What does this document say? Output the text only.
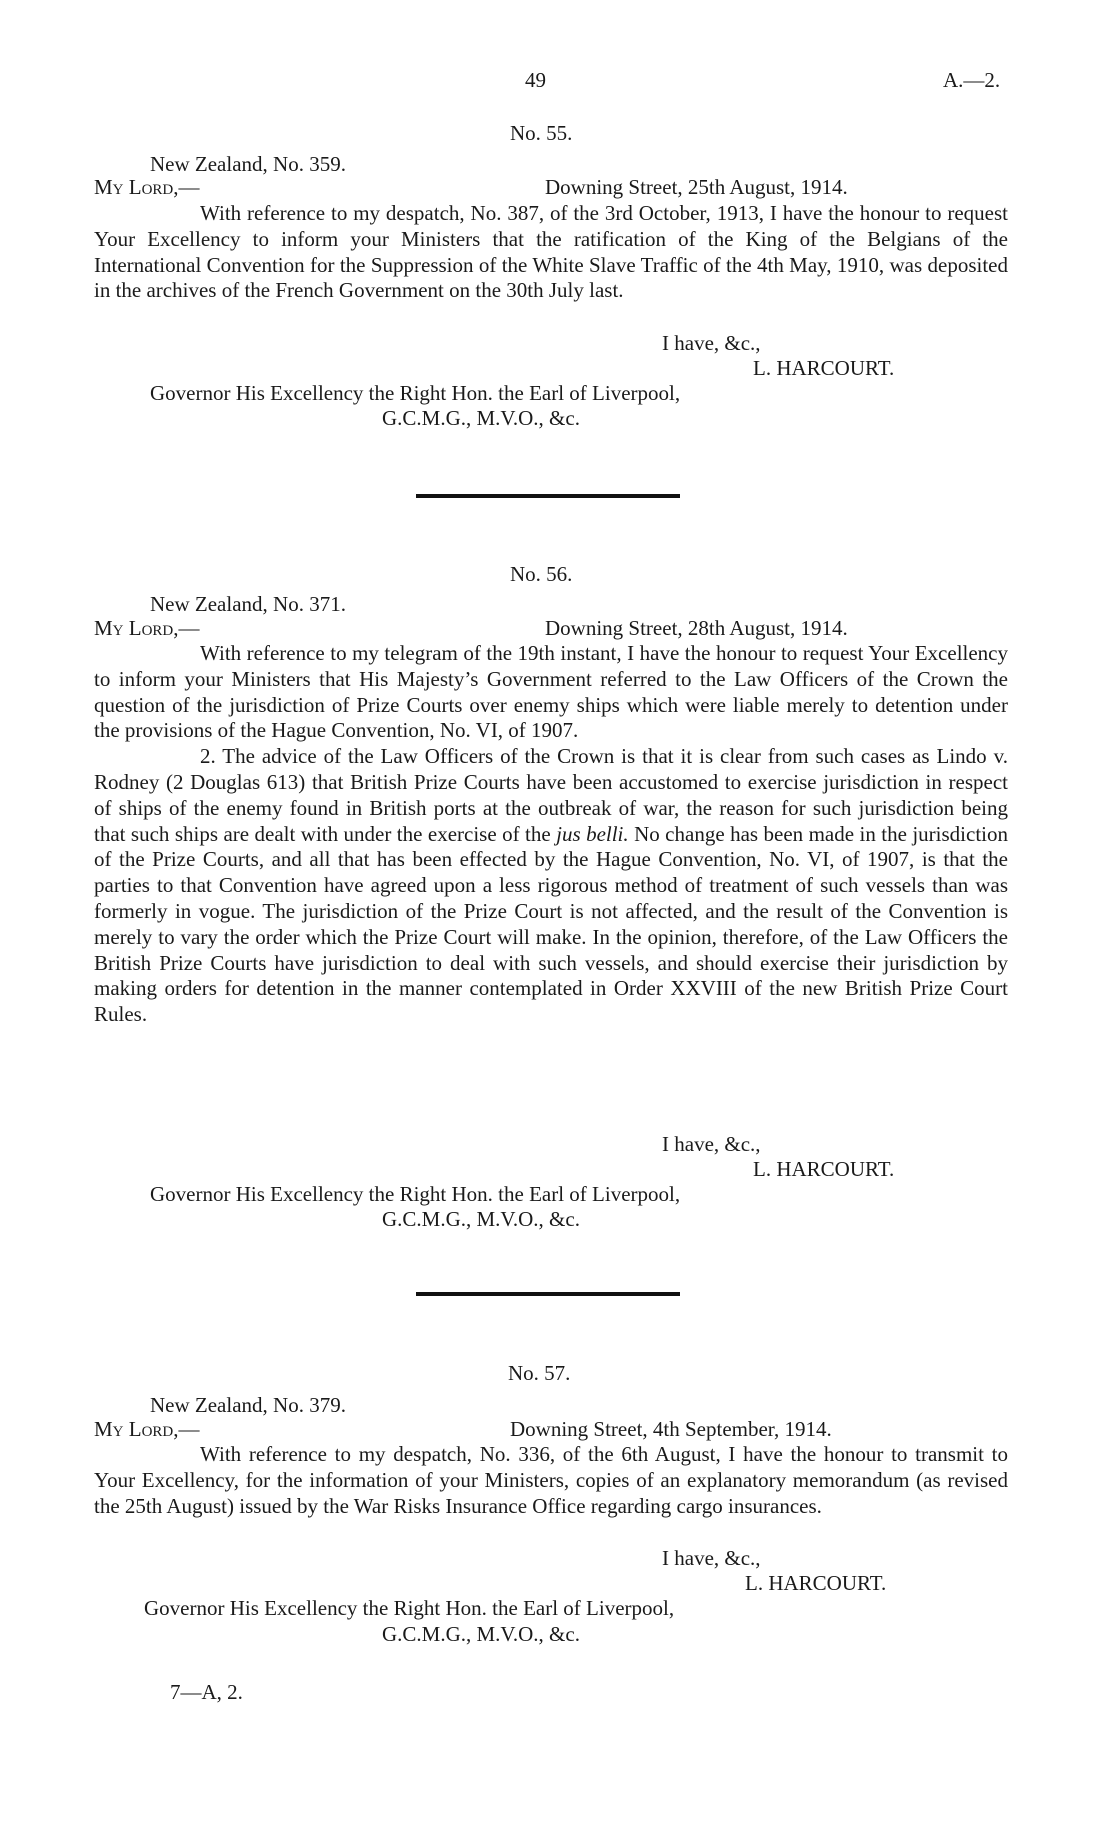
49	A.—2.
No. 55.
New Zealand, No. 359.
My Lord,—	Downing Street, 25th August, 1914.

With reference to my despatch, No. 387, of the 3rd October, 1913, I have the honour to request Your Excellency to inform your Ministers that the ratification of the King of the Belgians of the International Convention for the Suppression of the White Slave Traffic of the 4th May, 1910, was deposited in the archives of the French Government on the 30th July last.

I have, &c.,
L. HARCOURT.
Governor His Excellency the Right Hon. the Earl of Liverpool,
G.C.M.G., M.V.O., &c.
No. 56.
New Zealand, No. 371.
My Lord,—	Downing Street, 28th August, 1914.

With reference to my telegram of the 19th instant, I have the honour to request Your Excellency to inform your Ministers that His Majesty’s Government referred to the Law Officers of the Crown the question of the jurisdiction of Prize Courts over enemy ships which were liable merely to detention under the provisions of the Hague Convention, No. VI, of 1907.

2. The advice of the Law Officers of the Crown is that it is clear from such cases as Lindo v. Rodney (2 Douglas 613) that British Prize Courts have been accustomed to exercise jurisdiction in respect of ships of the enemy found in British ports at the outbreak of war, the reason for such jurisdiction being that such ships are dealt with under the exercise of the jus belli. No change has been made in the jurisdiction of the Prize Courts, and all that has been effected by the Hague Convention, No. VI, of 1907, is that the parties to that Convention have agreed upon a less rigorous method of treatment of such vessels than was formerly in vogue. The jurisdiction of the Prize Court is not affected, and the result of the Convention is merely to vary the order which the Prize Court will make. In the opinion, therefore, of the Law Officers the British Prize Courts have jurisdiction to deal with such vessels, and should exercise their jurisdiction by making orders for detention in the manner contemplated in Order XXVIII of the new British Prize Court Rules.

I have, &c.,
L. HARCOURT.
Governor His Excellency the Right Hon. the Earl of Liverpool,
G.C.M.G., M.V.O., &c.
No. 57.
New Zealand, No. 379.
My Lord,—	Downing Street, 4th September, 1914.

With reference to my despatch, No. 336, of the 6th August, I have the honour to transmit to Your Excellency, for the information of your Ministers, copies of an explanatory memorandum (as revised the 25th August) issued by the War Risks Insurance Office regarding cargo insurances.

I have, &c.,
L. HARCOURT.
Governor His Excellency the Right Hon. the Earl of Liverpool,
G.C.M.G., M.V.O., &c.
7—A, 2.
